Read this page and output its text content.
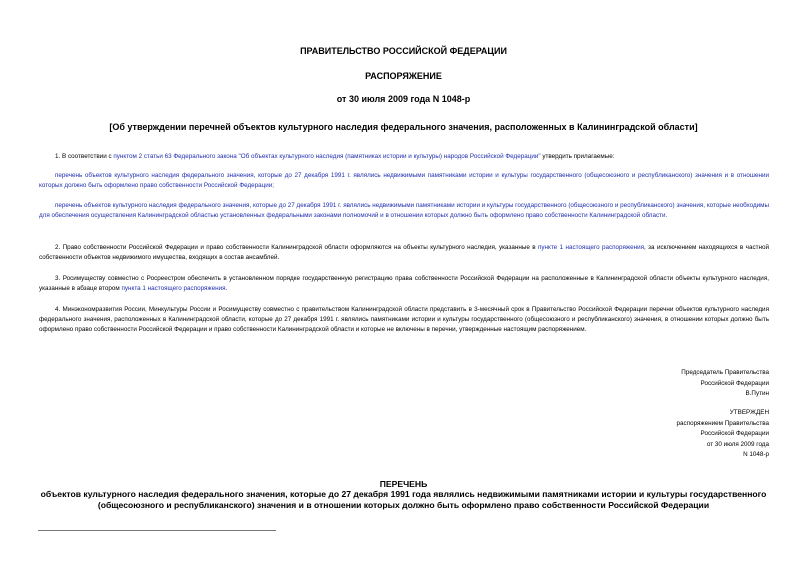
ПРАВИТЕЛЬСТВО РОССИЙСКОЙ ФЕДЕРАЦИИ
РАСПОРЯЖЕНИЕ
от 30 июля 2009 года N 1048-р
[Об утверждении перечней объектов культурного наследия федерального значения, расположенных в Калининградской области]
1. В соответствии с пунктом 2 статьи 63 Федерального закона "Об объектах культурного наследия (памятниках истории и культуры) народов Российской Федерации" утвердить прилагаемые:
перечень объектов культурного наследия федерального значения, которые до 27 декабря 1991 г. являлись недвижимыми памятниками истории и культуры государственного (общесоюзного и республиканского) значения и в отношении которых должно быть оформлено право собственности Российской Федерации;
перечень объектов культурного наследия федерального значения, которые до 27 декабря 1991 г. являлись недвижимыми памятниками истории и культуры государственного (общесоюзного и республиканского) значения, которые необходимы для обеспечения осуществления Калининградской областью установленных федеральными законами полномочий и в отношении которых должно быть оформлено право собственности Калининградской области.
2. Право собственности Российской Федерации и право собственности Калининградской области оформляются на объекты культурного наследия, указанные в пункте 1 настоящего распоряжения, за исключением находящихся в частной собственности объектов недвижимого имущества, входящих в состав ансамблей.
3. Росимуществу совместно с Росреестром обеспечить в установленном порядке государственную регистрацию права собственности Российской Федерации на расположенные в Калининградской области объекты культурного наследия, указанные в абзаце втором пункта 1 настоящего распоряжения.
4. Минэкономразвития России, Минкультуры России и Росимуществу совместно с правительством Калининградской области представить в 3-месячный срок в Правительство Российской Федерации перечни объектов культурного наследия федерального значения, расположенных в Калининградской области, которые до 27 декабря 1991 г. являлись памятниками истории и культуры государственного (общесоюзного и республиканского) значения, в отношении которых должно быть оформлено право собственности Российской Федерации и право собственности Калининградской области и которые не включены в перечни, утвержденные настоящим распоряжением.
Председатель Правительства
Российской Федерации
В.Путин
УТВЕРЖДЕН
распоряжением Правительства
Российской Федерации
от 30 июля 2009 года
N 1048-р
ПЕРЕЧЕНЬ
объектов культурного наследия федерального значения, которые до 27 декабря 1991 года являлись недвижимыми памятниками истории и культуры государственного (общесоюзного и республиканского) значения и в отношении которых должно быть оформлено право собственности Российской Федерации
